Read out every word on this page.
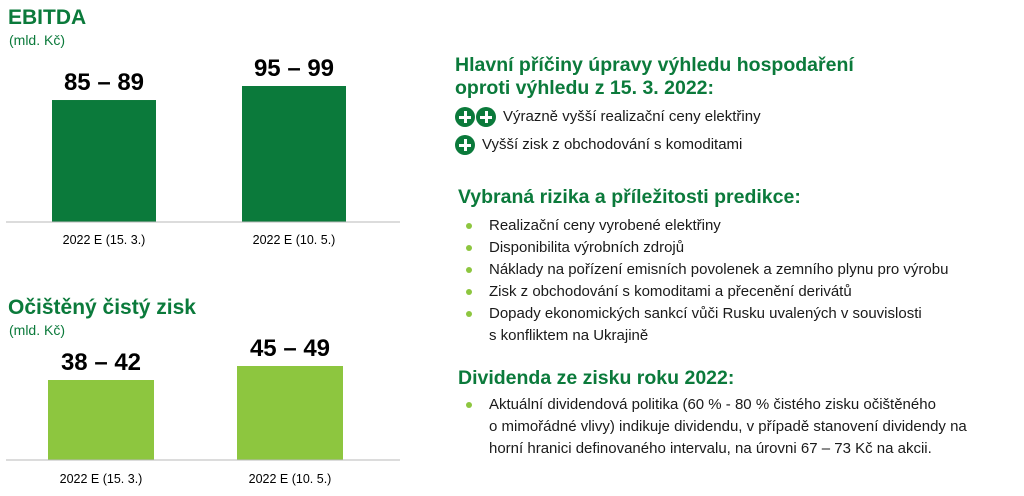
EBITDA
(mld. Kč)
85 – 89
2022 E (15. 3.)
95 – 99
2022 E (10. 5.)
Očištěný čistý zisk
(mld. Kč)
38 – 42
2022 E (15. 3.)
45 – 49
2022 E (10. 5.)
Hlavní příčiny úpravy výhledu hospodaření
oproti výhledu z 15. 3. 2022:
Výrazně vyšší realizační ceny elektřiny
Vyšší zisk z obchodování s komoditami
Vybraná rizika a příležitosti predikce:
Realizační ceny vyrobené elektřiny
Disponibilita výrobních zdrojů
Náklady na pořízení emisních povolenek a zemního plynu pro výrobu
Zisk z obchodování s komoditami a přecenění derivátů
Dopady ekonomických sankcí vůči Rusku uvalených v souvislosti
s konfliktem na Ukrajině
Dividenda ze zisku roku 2022:
Aktuální dividendová politika (60 % - 80 % čistého zisku očištěného
o mimořádné vlivy) indikuje dividendu, v případě stanovení dividendy na
horní hranici definovaného intervalu, na úrovni 67 – 73 Kč na akcii.
